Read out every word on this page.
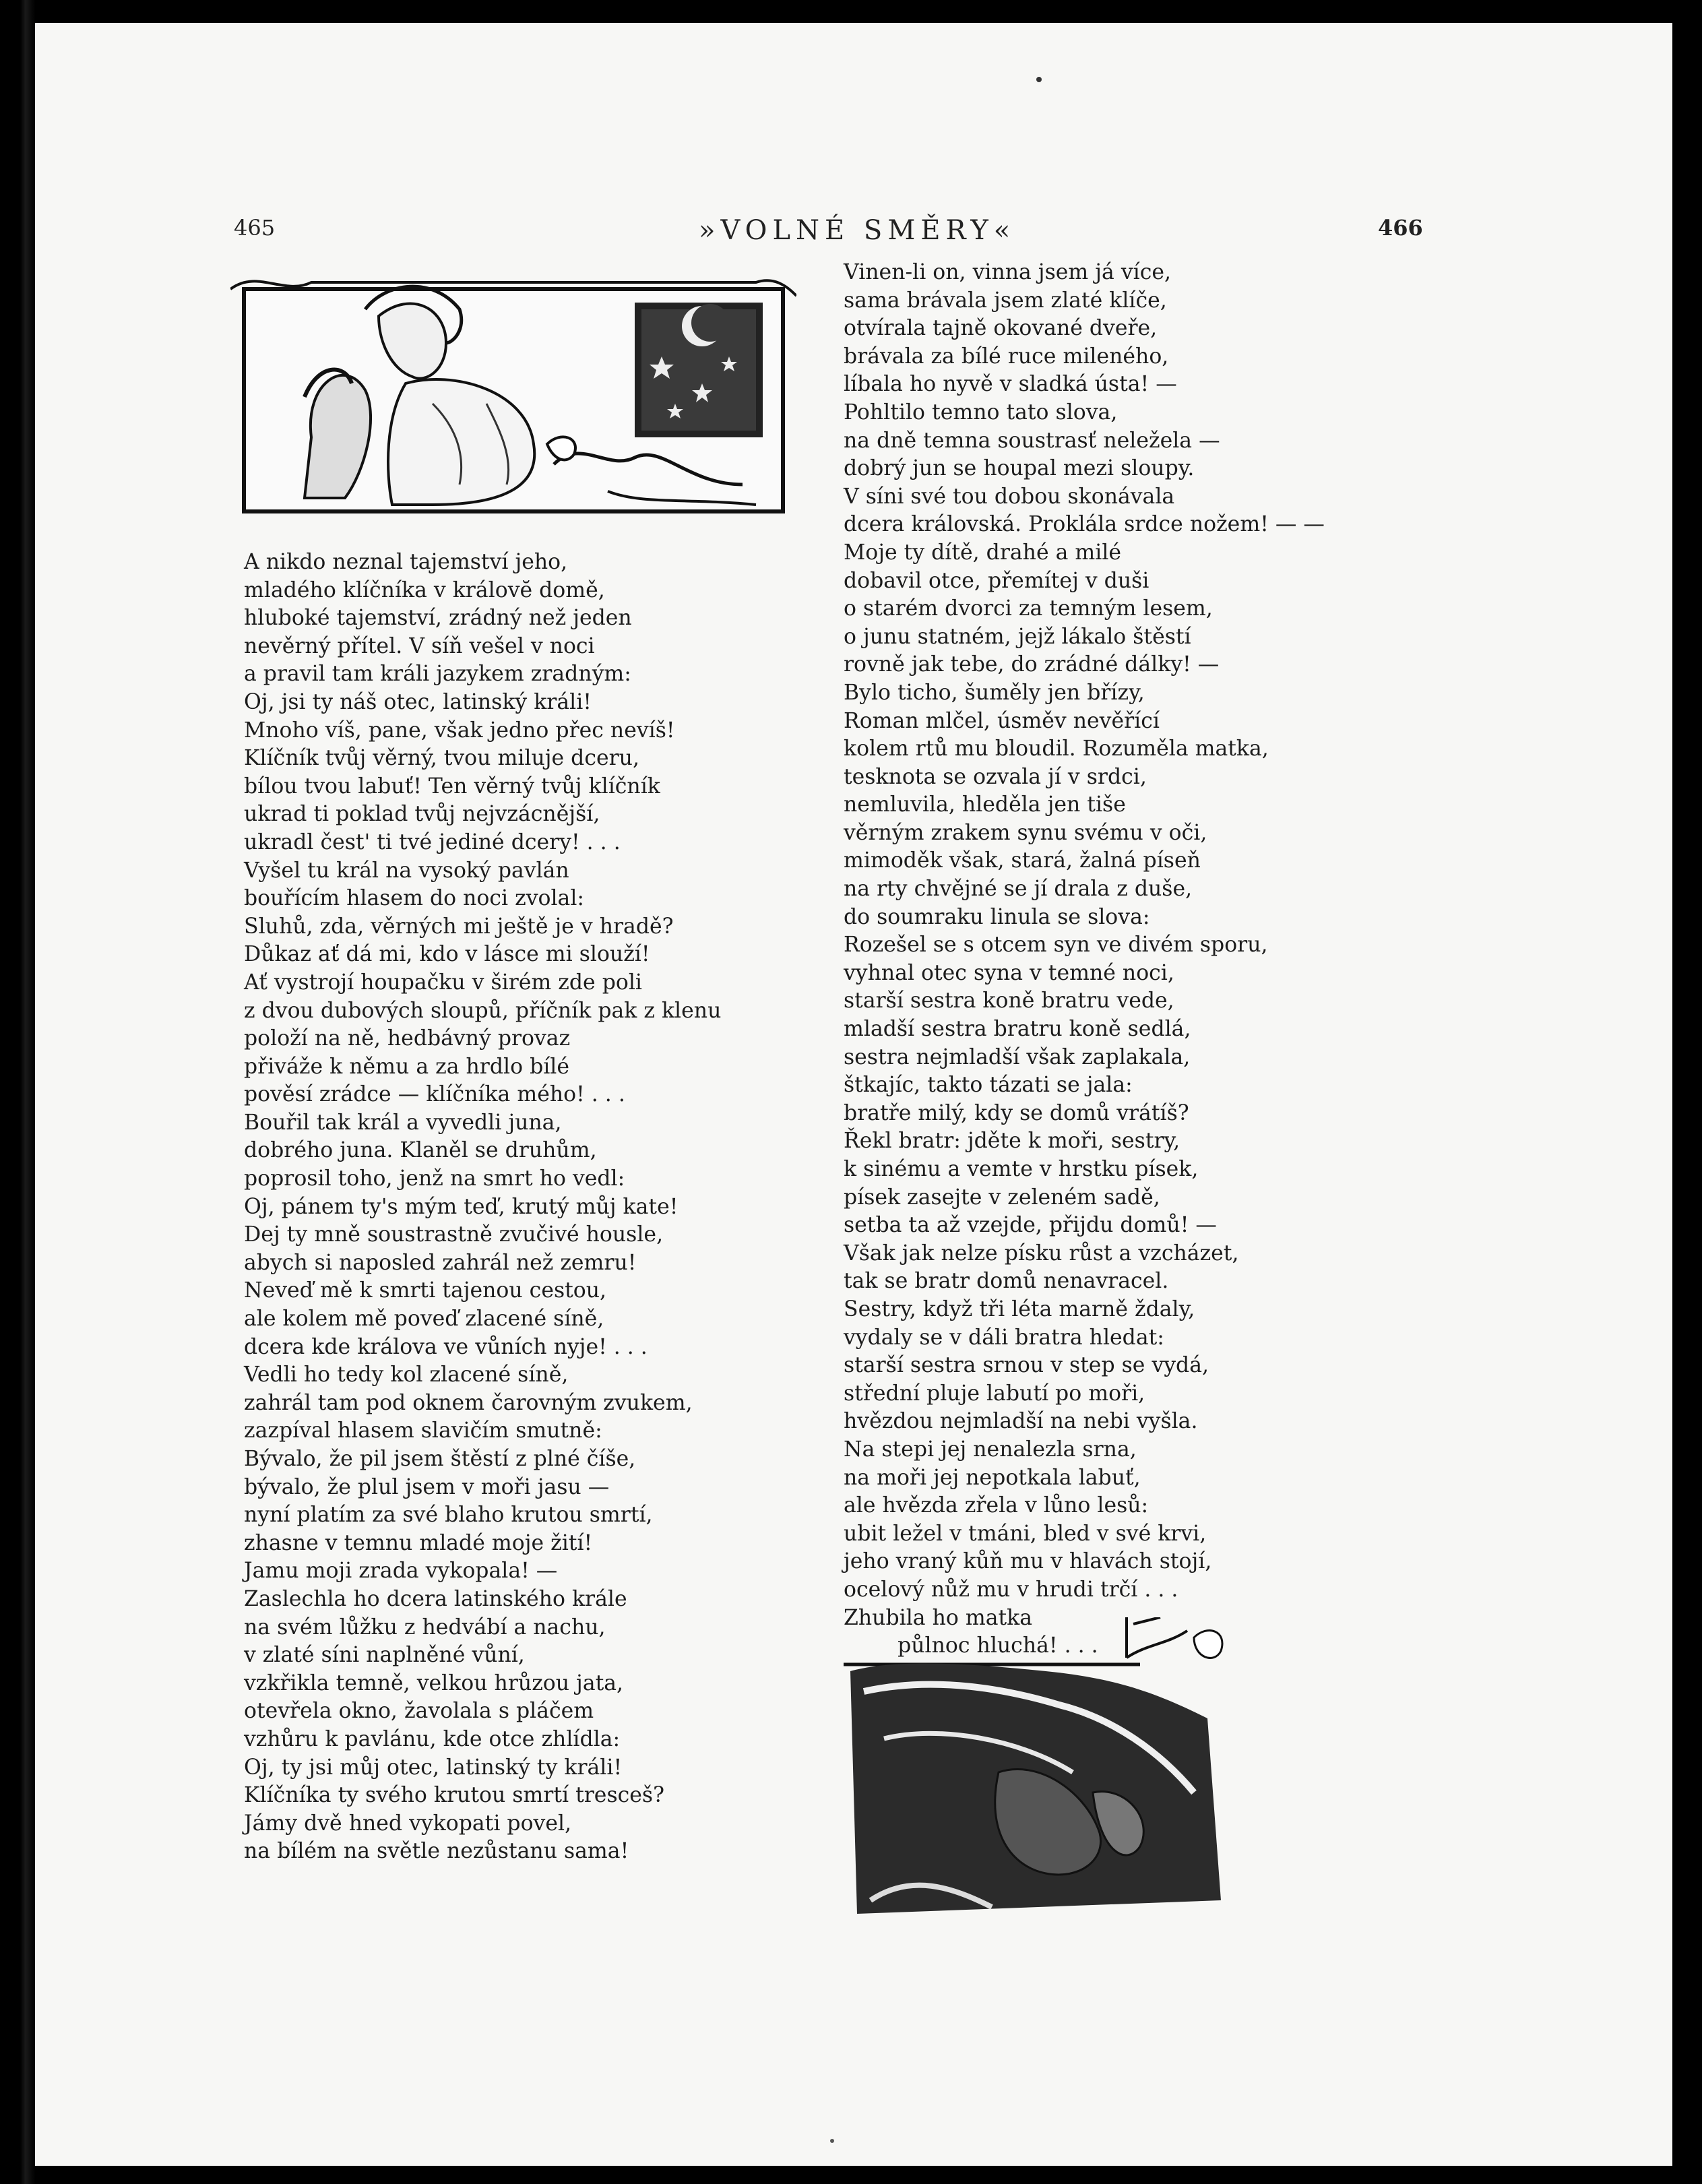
465	»VOLNÉ SMĚRY«	466
A nikdo neznal tajemství jeho,
mladého klíčníka v královĕ domě,
hluboké tajemství, zrádný než jeden
nevěrný přítel. V síň vešel v noci
a pravil tam králi jazykem zradným:
Oj, jsi ty náš otec, latinský králi!
Mnoho víš, pane, však jedno přec nevíš!
Klíčník tvůj věrný, tvou miluje dceru,
bílou tvou labuť! Ten věrný tvůj klíčník
ukrad ti poklad tvůj nejvzácnější,
ukradl čest' ti tvé jediné dcery! . . .
Vyšel tu král na vysoký pavlán
bouřícím hlasem do noci zvolal:
Sluhů, zda, věrných mi ještě je v hradě?
Důkaz ať dá mi, kdo v lásce mi slouží!
Ať vystrojí houpačku v širém zde poli
z dvou dubových sloupů, příčník pak z klenu
položí na ně, hedbávný provaz
přiváže k němu a za hrdlo bílé
pověsí zrádce — klíčníka mého! . . .
Bouřil tak král a vyvedli juna,
dobrého juna. Klaněl se druhům,
poprosil toho, jenž na smrt ho vedl:
Oj, pánem ty's mým teď, krutý můj kate!
Dej ty mně soustrastně zvučivé housle,
abych si naposled zahrál než zemru!
Neveď mě k smrti tajenou cestou,
ale kolem mě poveď zlacené síně,
dcera kde králova ve vůních nyje! . . .
Vedli ho tedy kol zlacené síně,
zahrál tam pod oknem čarovným zvukem,
zazpíval hlasem slavičím smutně:
Bývalo, že pil jsem štěstí z plné číše,
bývalo, že plul jsem v moři jasu —
nyní platím za své blaho krutou smrtí,
zhasne v temnu mladé moje žití!
Jamu moji zrada vykopala! —
Zaslechla ho dcera latinského krále
na svém lůžku z hedvábí a nachu,
v zlaté síni naplněné vůní,
vzkřikla temně, velkou hrůzou jata,
otevřela okno, žavolala s pláčem
vzhůru k pavlánu, kde otce zhlídla:
Oj, ty jsi můj otec, latinský ty králi!
Klíčníka ty svého krutou smrtí tresceš?
Jámy dvě hned vykopati povel,
na bílém na světle nezůstanu sama!
Vinen-li on, vinna jsem já více,
sama brávala jsem zlaté klíče,
otvírala tajně okované dveře,
brávala za bílé ruce mileného,
líbala ho nyvě v sladká ústa! —
Pohltilo temno tato slova,
na dně temna soustrasť neležela —
dobrý jun se houpal mezi sloupy.
V síni své tou dobou skonávala
dcera královská. Proklála srdce nožem! — —
Moje ty dítě, drahé a milé
dobavil otce, přemítej v duši
o starém dvorci za temným lesem,
o junu statném, jejž lákalo štěstí
rovně jak tebe, do zrádné dálky! —
Bylo ticho, šuměly jen břízy,
Roman mlčel, úsměv nevěřící
kolem rtů mu bloudil. Rozuměla matka,
tesknota se ozvala jí v srdci,
nemluvila, hleděla jen tiše
věrným zrakem synu svému v oči,
mimoděk však, stará, žalná píseň
na rty chvějné se jí drala z duše,
do soumraku linula se slova:
Rozešel se s otcem syn ve divém sporu,
vyhnal otec syna v temné noci,
starší sestra koně bratru vede,
mladší sestra bratru koně sedlá,
sestra nejmladší však zaplakala,
štkajíc, takto tázati se jala:
bratře milý, kdy se domů vrátíš?
Řekl bratr: jděte k moři, sestry,
k sinému a vemte v hrstku písek,
písek zasejte v zeleném sadě,
setba ta až vzejde, přijdu domů! —
Však jak nelze písku růst a vzcházet,
tak se bratr domů nenavracel.
Sestry, když tři léta marně ždaly,
vydaly se v dáli bratra hledat:
starší sestra srnou v step se vydá,
střední pluje labutí po moři,
hvězdou nejmladší na nebi vyšla.
Na stepi jej nenalezla srna,
na moři jej nepotkala labuť,
ale hvězda zřela v lůno lesů:
ubit ležel v tmáni, bled v své krvi,
jeho vraný kůň mu v hlavách stojí,
ocelový nůž mu v hrudi trčí . . .
Zhubila ho matka
půlnoc hluchá! . . .
